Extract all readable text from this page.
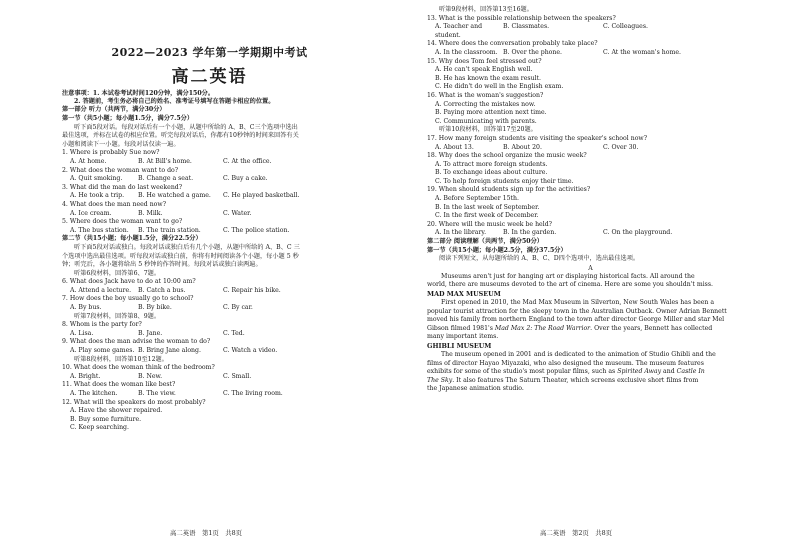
2022—2023 学年第一学期期中考试
高二英语
注意事项：1. 本试卷考试时间120分钟，满分150分。
2. 答题前，考生务必将自己的姓名、准考证号填写在答题卡相应的位置。
第一部分 听力（共两节，满分30分）
第一节（共5小题；每小题1.5分，满分7.5分）
听下面5段对话。每段对话后有一个小题，从题中所给的 A、B、C三个选项中选出
最佳选项，并标在试卷的相应位置。听完每段对话后，你都有10秒钟的时间来回答有关
小题和阅读下一小题。每段对话仅读一遍。
1. Where is probably Sue now?
A. At home.	B. At Bill's home.	C. At the office.
2. What does the woman want to do?
A. Quit smoking.	B. Change a seat.	C. Buy a cake.
3. What did the man do last weekend?
A. He took a trip.	B. He watched a game.	C. He played basketball.
4. What does the man need now?
A. Ice cream.	B. Milk.	C. Water.
5. Where does the woman want to go?
A. The bus station.	B. The train station.	C. The police station.
第二节（共15小题；每小题1.5分，满分22.5分）
听下面5段对话或独白。每段对话或独白后有几个小题，从题中所给的 A、B、C 三
个选项中选出最佳选项。听每段对话或独白前，你将有时间阅读各个小题，每小题 5 秒
钟；听完后，各小题将给出 5 秒钟的作答时间。每段对话或独白读两遍。
听第6段材料，回答第6、7题。
6. What does Jack have to do at 10:00 am?
A. Attend a lecture.	B. Catch a bus.	C. Repair his bike.
7. How does the boy usually go to school?
A. By bus.	B. By bike.	C. By car.
听第7段材料，回答第8、9题。
8. Whom is the party for?
A. Lisa.	B. Jane.	C. Ted.
9. What does the man advise the woman to do?
A. Play some games. B. Bring Jane along.	C. Watch a video.
听第8段材料，回答第10至12题。
10. What does the woman think of the bedroom?
A. Bright.	B. New.	C. Small.
11. What does the woman like best?
A. The kitchen.	B. The view.	C. The living room.
12. What will the speakers do most probably?
A. Have the shower repaired.
B. Buy some furniture.
C. Keep searching.
高二英语　第1页　共8页
听第9段材料，回答第13至16题。
13. What is the possible relationship between the speakers?
A. Teacher and student.
B. Classmates.	C. Colleagues.
14. Where does the conversation probably take place?
A. In the classroom. B. Over the phone.	C. At the woman's home.
15. Why does Tom feel stressed out?
A. He can't speak English well.
B. He has known the exam result.
C. He didn't do well in the English exam.
16. What is the woman's suggestion?
A. Correcting the mistakes now.
B. Paying more attention next time.
C. Communicating with parents.
听第10段材料，回答第17至20题。
17. How many foreign students are visiting the speaker's school now?
A. About 13.	B. About 20.	C. Over 30.
18. Why does the school organize the music week?
A. To attract more foreign students.
B. To exchange ideas about culture.
C. To help foreign students enjoy their time.
19. When should students sign up for the activities?
A. Before September 15th.
B. In the last week of September.
C. In the first week of December.
20. Where will the music week be held?
A. In the library.	B. In the garden.	C. On the playground.
第二部分 阅读理解（共两节，满分50分）
第一节（共15小题；每小题2.5分，满分37.5分）
阅读下列短文，从每题所给的 A、B、C、D四个选项中，选出最佳选项。
A
Museums aren't just for hanging art or displaying historical facts. All around the
world, there are museums devoted to the art of cinema. Here are some you shouldn't miss.
MAD MAX MUSEUM
First opened in 2010, the Mad Max Museum in Silverton, New South Wales has been a
popular tourist attraction for the sleepy town in the Australian Outback. Owner Adrian Bennett
moved his family from northern England to the town after director George Miller and star Mel
Gibson filmed 1981's Mad Max 2: The Road Warrior. Over the years, Bennett has collected
many important items.
GHIBLI MUSEUM
The museum opened in 2001 and is dedicated to the animation of Studio Ghibli and the
films of director Hayao Miyazaki, who also designed the museum. The museum features
exhibits for some of the studio's most popular films, such as Spirited Away and Castle In
The Sky. It also features The Saturn Theater, which screens exclusive short films from
the Japanese animation studio.
高二英语　第2页　共8页
